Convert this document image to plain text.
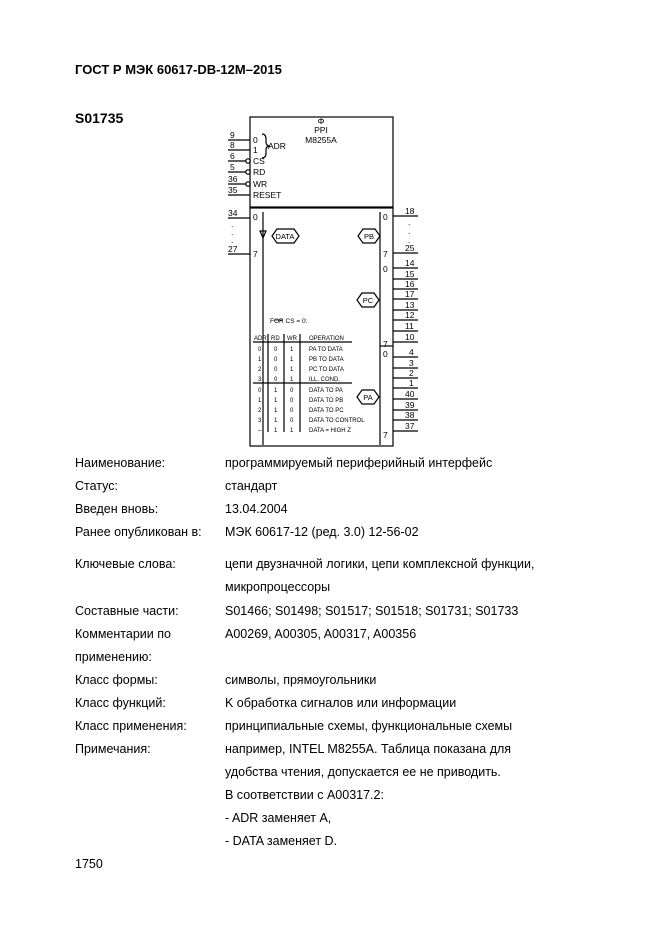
ГОСТ Р МЭК 60617-DB-12M–2015
S01735	Φ
PPI
M8255A
ADR
9
8
6
5
36
35
0
1
CS
RD
WR
RESET
34
.
.
.
27
0
7
DATA	PB
0
7
18
.
.
.
25
PC
0
7
0
7
14
15
16
17
13
12
11
10
PA
4
3
2
1
40
39
38
37
FOR CS = 0:
ADR RD WR OPERATION
0 0 1	PA TO DATA
1 0 1	PB TO DATA
2 0 1	PC TO DATA
3 0 1	ILL. COND.
0 1 0	DATA TO PA
1 1 0	DATA TO PB
2 1 0	DATA TO PC
3 1 0	DATA TO CONTROL
– 1 1	DATA = HIGH Z
Наименование:	программируемый периферийный интерфейс
Статус:	стандарт
Введен вновь:	13.04.2004
Ранее опубликован в: МЭК 60617-12 (ред. 3.0) 12-56-02
Ключевые слова:	цепи двузначной логики, цепи комплексной функции,
микропроцессоры
Составные части:	S01466; S01498; S01517; S01518; S01731; S01733
Комментарии по
применению:
A00269, A00305, A00317, A00356
Класс формы:	символы, прямоугольники
Класс функций:	K обработка сигналов или информации
Класс применения:	принципиальные схемы, функциональные схемы
Примечания:	например, INTEL M8255A. Таблица показана для
удобства чтения, допускается ее не приводить.
В соответствии с A00317.2:
- ADR заменяет A,
- DATA заменяет D.
1750
